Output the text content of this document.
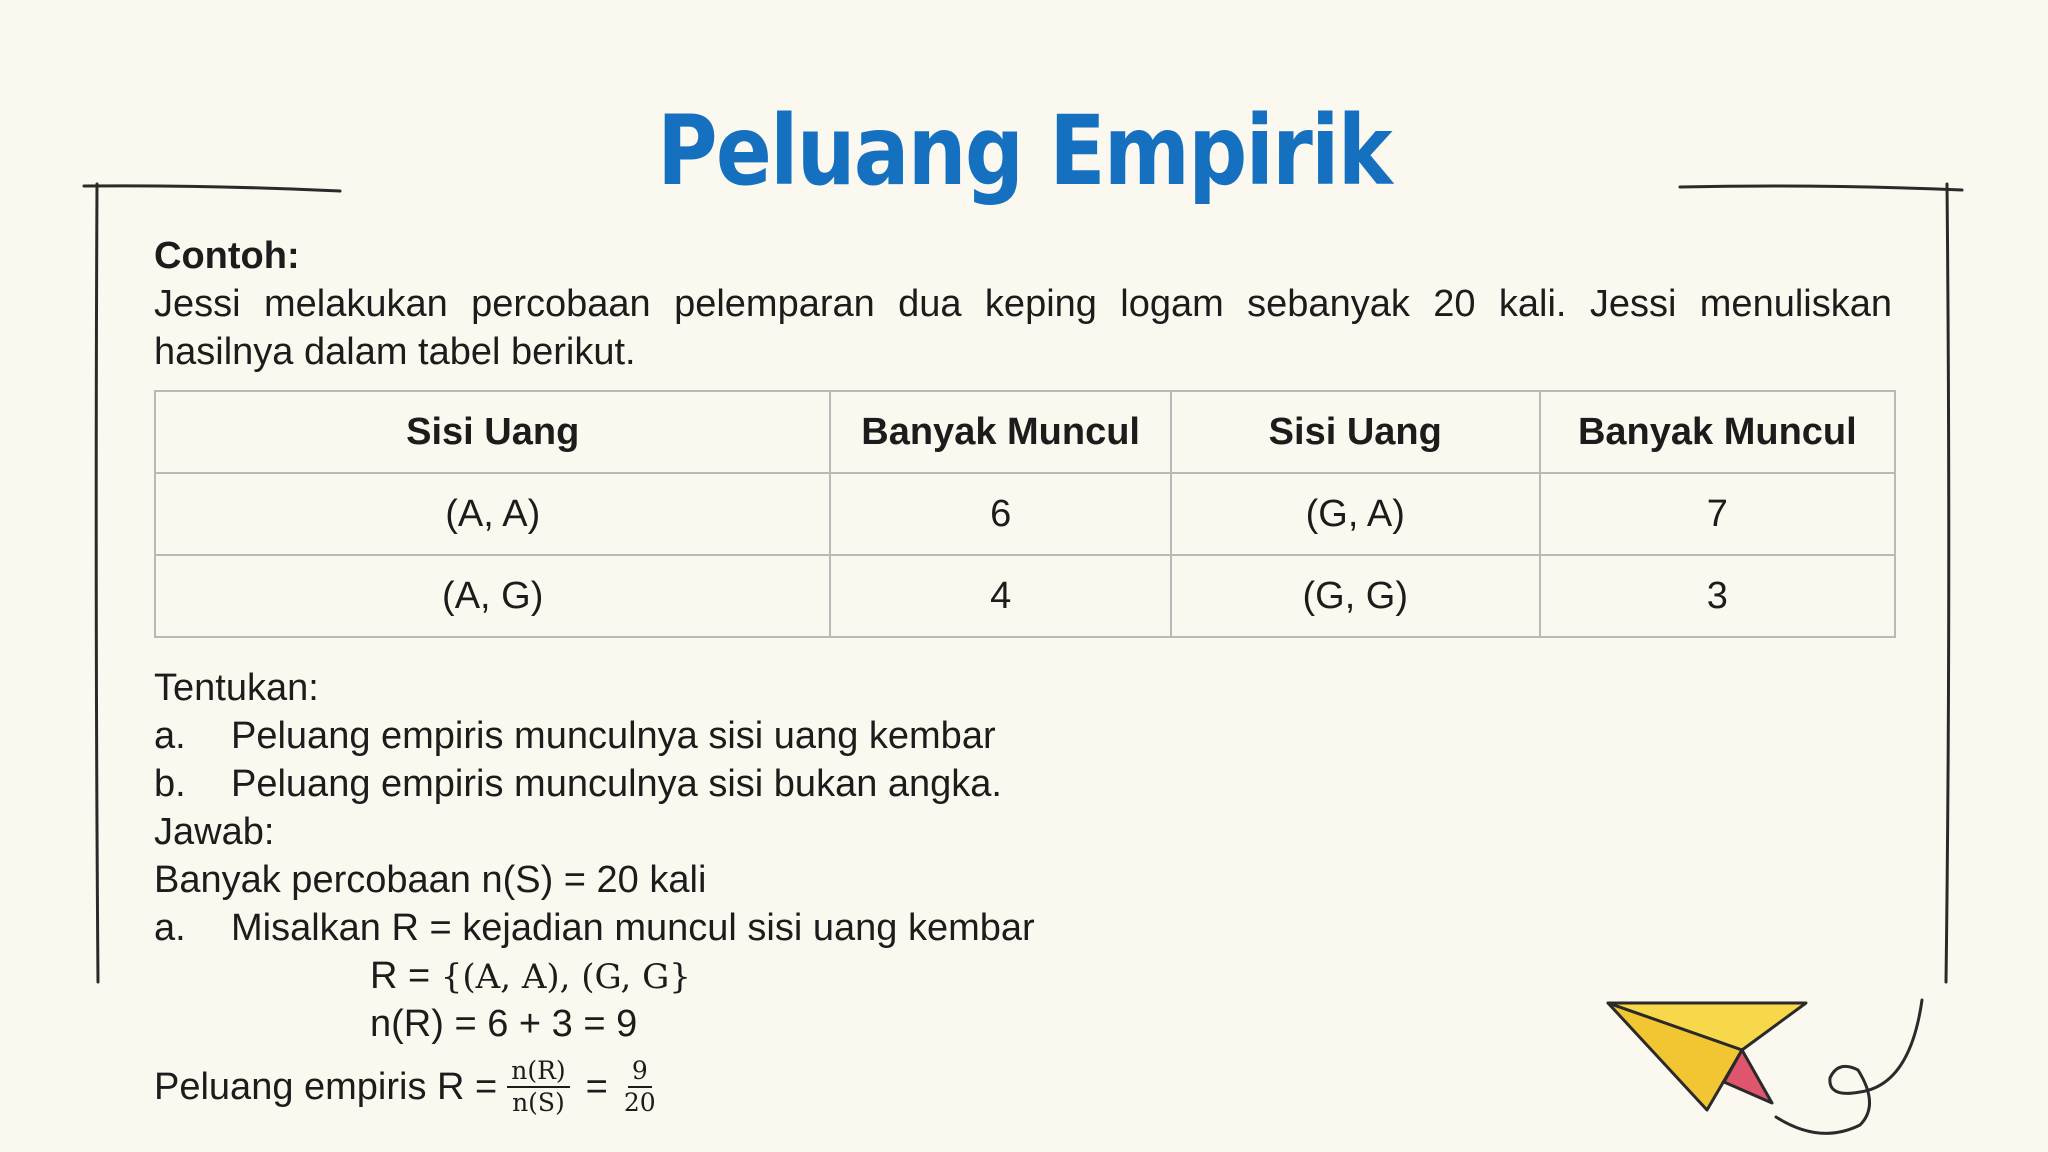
Peluang Empirik
Contoh:
Jessi melakukan percobaan pelemparan dua keping logam sebanyak 20 kali. Jessi menuliskan hasilnya dalam tabel berikut.
Sisi Uang	Banyak Muncul	Sisi Uang	Banyak Muncul
(A, A)	6	(G, A)	7
(A, G)	4	(G, G)	3
Tentukan:
a.	Peluang empiris munculnya sisi uang kembar
b.	Peluang empiris munculnya sisi bukan angka.
Jawab:
Banyak percobaan n(S) = 20 kali
a.	Misalkan R = kejadian muncul sisi uang kembar
R = {(A, A), (G, G}
n(R) = 6 + 3 = 9
Peluang empiris $R = \frac{n(R)}{n(S)} = \frac{9}{20}$
